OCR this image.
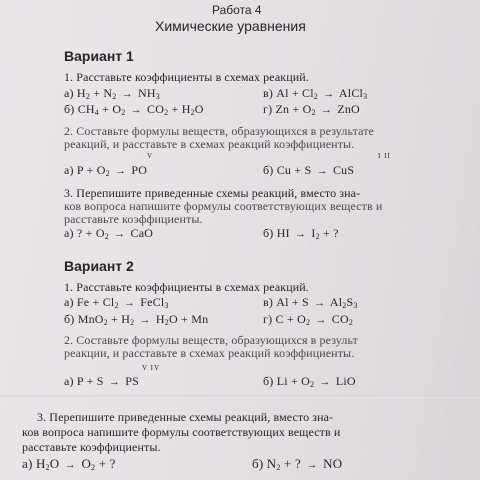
Работа 4
Химические уравнения
Вариант 1
1. Расставьте коэффициенты в схемах реакций.
а) $H_2 + N_2 \to NH_3$	в) $Al + Cl_2$ → AlCl$_3$
б) $CH_4 + O_2 \to CO_2 + H_2O$	г) $Zn + O_2$ → ZnO
2. Составьте формулы веществ, образующихся в результате
реакций, и расставьте в схемах реакций коэффициенты.
V
а) $P + O_2$ → PO
I II
б) Cu + S → CuS
3. Перепишите приведенные схемы реакций, вместо зна-
ков вопроса напишите формулы соответствующих веществ и
расставьте коэффициенты.
а) ? + $O_2$ → CaO	б) HI → $I_2$ + ?
Вариант 2
1. Расставьте коэффициенты в схемах реакций.
а) $Fe + Cl_2$ → FeCl$_3$	в) $Al + S \to Al_2S_3$
б) $MnO_2 + H_2 \to H_2O + Mn$	г) $C + O_2 \to CO_2$
2. Составьте формулы веществ, образующихся в результ
реакции, и расставьте в схемах реакций коэффициенты.
V IV
а) P + S → PS	б) $Li + O_2$ → LiO
3. Перепишите приведенные схемы реакций, вместо зна-
ков вопроса напишите формулы соответствующих веществ и
расставьте коэффициенты.
а) $H_2O \to O_2$ + ?	б) $N_2$ + ? → NO
